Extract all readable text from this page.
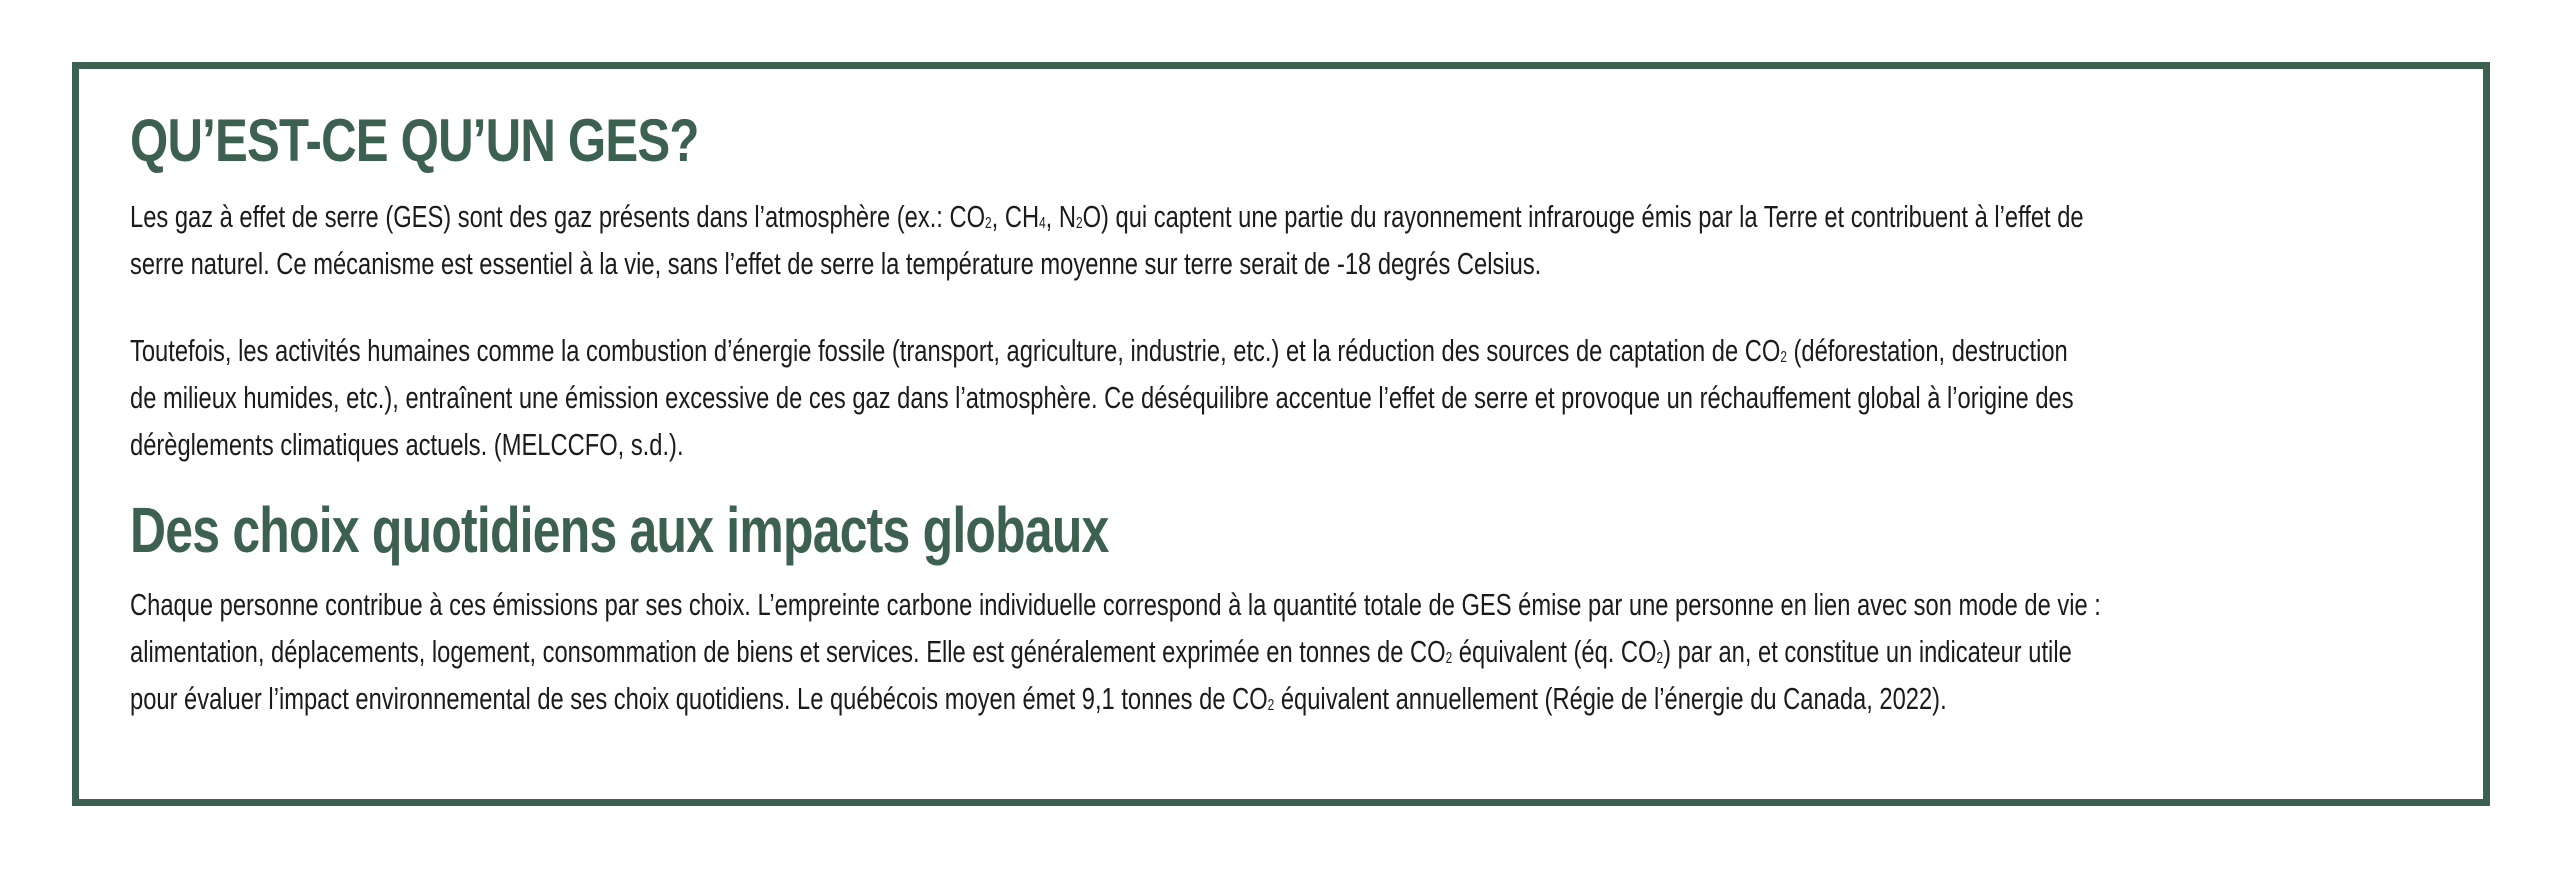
QU’EST-CE QU’UN GES?
Les gaz à effet de serre (GES) sont des gaz présents dans l’atmosphère (ex.: $CO_2$, $CH_4$, $N_2O$) qui captent une partie du rayonnement infrarouge émis par la Terre et contribuent à l’effet de
serre naturel. Ce mécanisme est essentiel à la vie, sans l’effet de serre la température moyenne sur terre serait de -18 degrés Celsius.
Toutefois, les activités humaines comme la combustion d’énergie fossile (transport, agriculture, industrie, etc.) et la réduction des sources de captation de $CO_2$ (déforestation, destruction
de milieux humides, etc.), entraînent une émission excessive de ces gaz dans l’atmosphère. Ce déséquilibre accentue l’effet de serre et provoque un réchauffement global à l’origine des
dérèglements climatiques actuels. (MELCCFO, s.d.).
Des choix quotidiens aux impacts globaux
Chaque personne contribue à ces émissions par ses choix. L’empreinte carbone individuelle correspond à la quantité totale de GES émise par une personne en lien avec son mode de vie :
alimentation, déplacements, logement, consommation de biens et services. Elle est généralement exprimée en tonnes de $CO_2$ équivalent (éq. $CO_2$) par an, et constitue un indicateur utile
pour évaluer l’impact environnemental de ses choix quotidiens. Le québécois moyen émet 9,1 tonnes de $CO_2$ équivalent annuellement (Régie de l’énergie du Canada, 2022).
